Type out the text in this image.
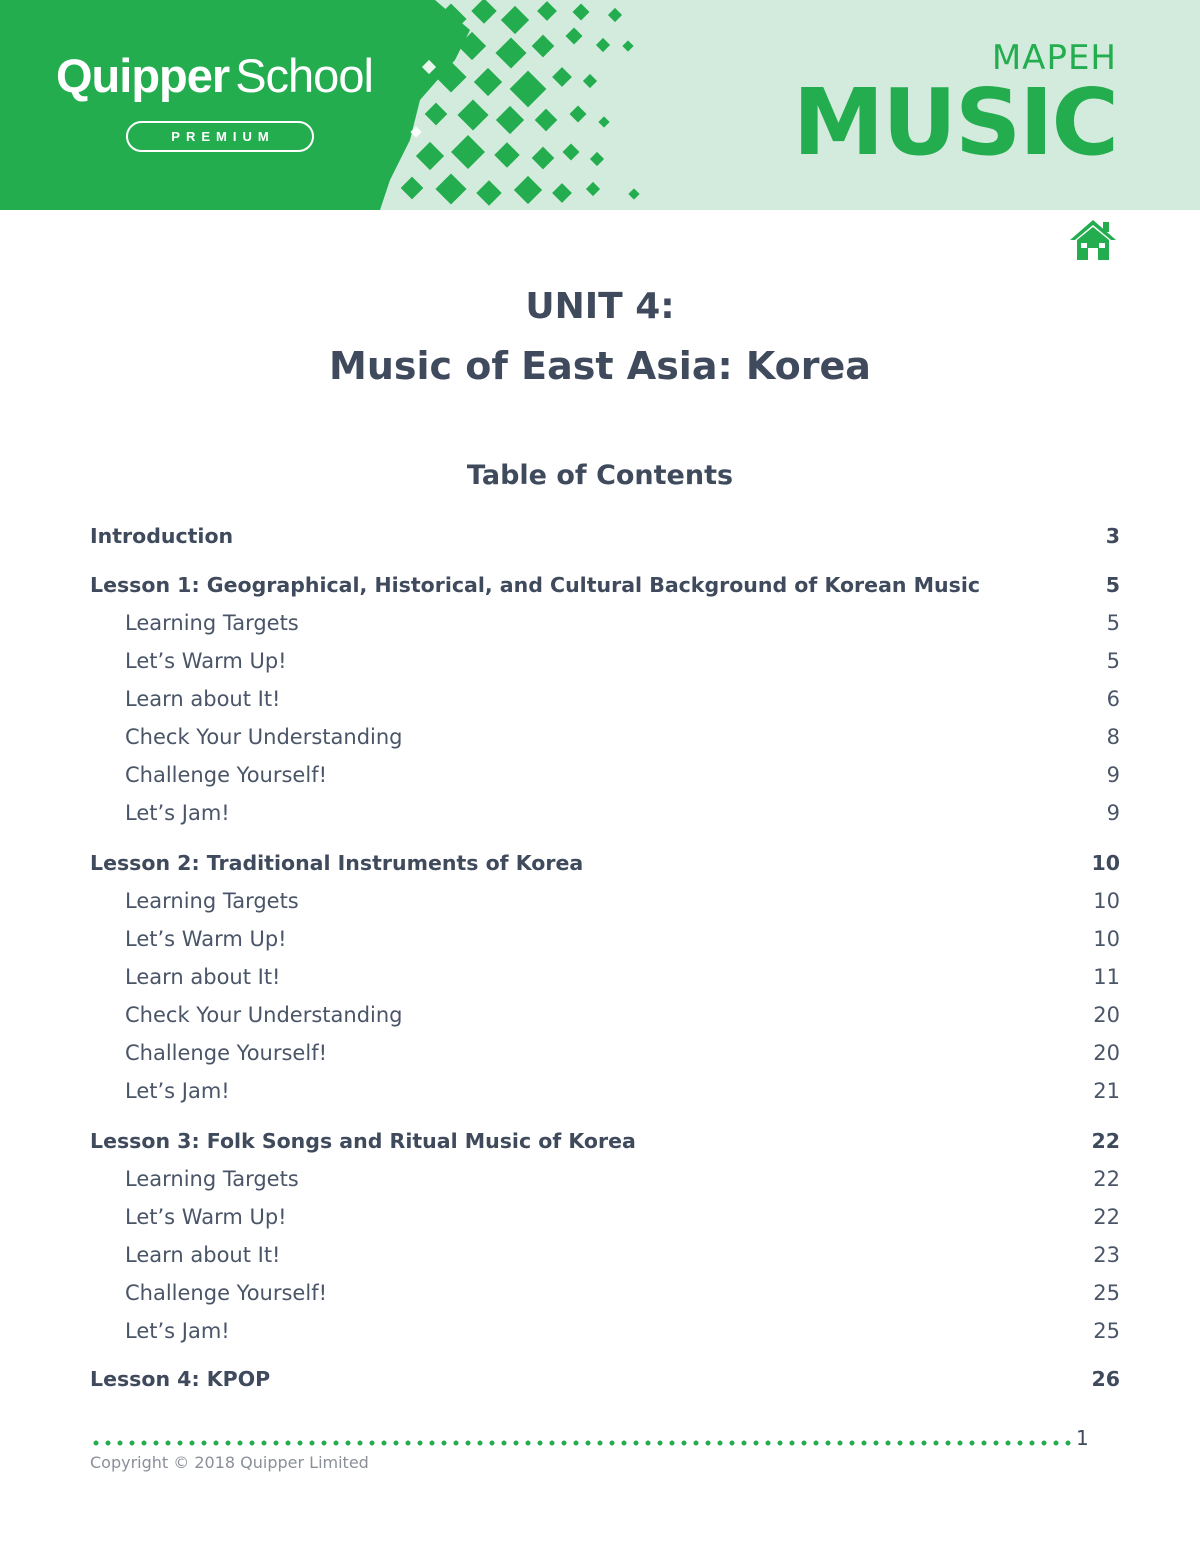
Quipper School
PREMIUM
MAPEH
MUSIC
UNIT 4:
Music of East Asia: Korea
Table of Contents
Introduction	3
Lesson 1: Geographical, Historical, and Cultural Background of Korean Music	5
Learning Targets	5
Let’s Warm Up!	5
Learn about It!	6
Check Your Understanding	8
Challenge Yourself!	9
Let’s Jam!	9
Lesson 2: Traditional Instruments of Korea	10
Learning Targets	10
Let’s Warm Up!	10
Learn about It!	11
Check Your Understanding	20
Challenge Yourself!	20
Let’s Jam!	21
Lesson 3: Folk Songs and Ritual Music of Korea	22
Learning Targets	22
Let’s Warm Up!	22
Learn about It!	23
Challenge Yourself!	25
Let’s Jam!	25
Lesson 4: KPOP	26
1
Copyright © 2018 Quipper Limited
